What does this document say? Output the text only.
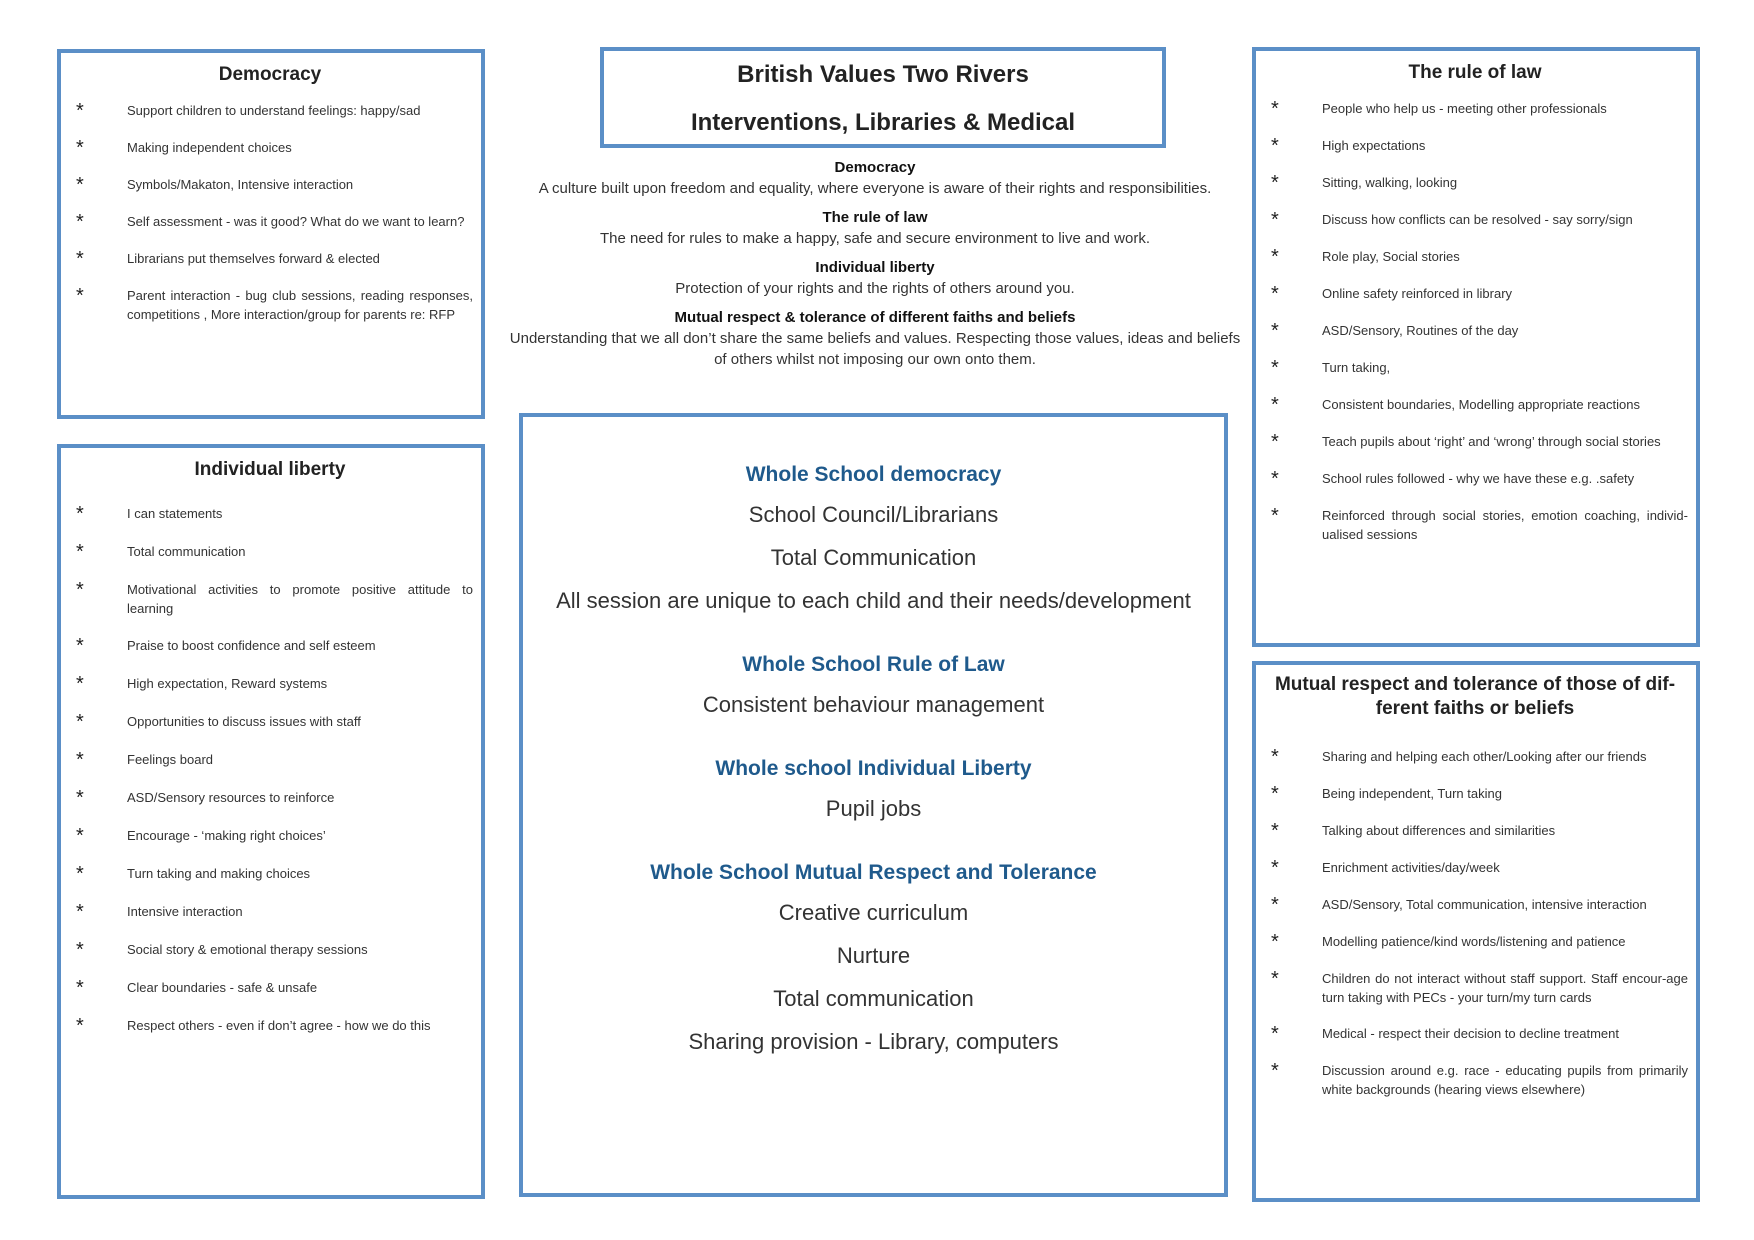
Democracy
*	Support children to understand feelings: happy/sad
*	Making independent choices
*	Symbols/Makaton, Intensive interaction
*	Self assessment - was it good? What do we want to learn?
*	Librarians put themselves forward & elected
*	Parent interaction - bug club sessions, reading responses, competitions , More interaction/group for parents re: RFP
Individual liberty
*	I can statements
*	Total communication
*	Motivational activities to promote positive attitude to learning
*	Praise to boost confidence and self esteem
*	High expectation, Reward systems
*	Opportunities to discuss issues with staff
*	Feelings board
*	ASD/Sensory resources to reinforce
*	Encourage - ‘making right choices’
*	Turn taking and making choices
*	Intensive interaction
*	Social story & emotional therapy sessions
*	Clear boundaries - safe & unsafe
*	Respect others - even if don’t agree - how we do this
British Values Two Rivers
Interventions, Libraries & Medical
Democracy
A culture built upon freedom and equality, where everyone is aware of their rights and responsibilities.
The rule of law
The need for rules to make a happy, safe and secure environment to live and work.
Individual liberty
Protection of your rights and the rights of others around you.
Mutual respect & tolerance of different faiths and beliefs
Understanding that we all don’t share the same beliefs and values. Respecting those values, ideas and beliefs of others whilst not imposing our own onto them.
Whole School democracy
School Council/Librarians
Total Communication
All session are unique to each child and their needs/development
Whole School Rule of Law
Consistent behaviour management
Whole school Individual Liberty
Pupil jobs
Whole School Mutual Respect and Tolerance
Creative curriculum
Nurture
Total communication
Sharing provision - Library, computers
The rule of law
*	People who help us - meeting other professionals
*	High expectations
*	Sitting, walking, looking
*	Discuss how conflicts can be resolved - say sorry/sign
*	Role play, Social stories
*	Online safety reinforced in library
*	ASD/Sensory, Routines of the day
*	Turn taking,
*	Consistent boundaries, Modelling appropriate reactions
*	Teach pupils about ‘right’ and ‘wrong’ through social stories
*	School rules followed - why we have these e.g. .safety
*	Reinforced through social stories, emotion coaching, individ-ualised sessions
Mutual respect and tolerance of those of dif-ferent faiths or beliefs
*	Sharing and helping each other/Looking after our friends
*	Being independent, Turn taking
*	Talking about differences and similarities
*	Enrichment activities/day/week
*	ASD/Sensory, Total communication, intensive interaction
*	Modelling patience/kind words/listening and patience
*	Children do not interact without staff support. Staff encour-age turn taking with PECs - your turn/my turn cards
*	Medical - respect their decision to decline treatment
*	Discussion around e.g. race - educating pupils from primarily white backgrounds (hearing views elsewhere)
